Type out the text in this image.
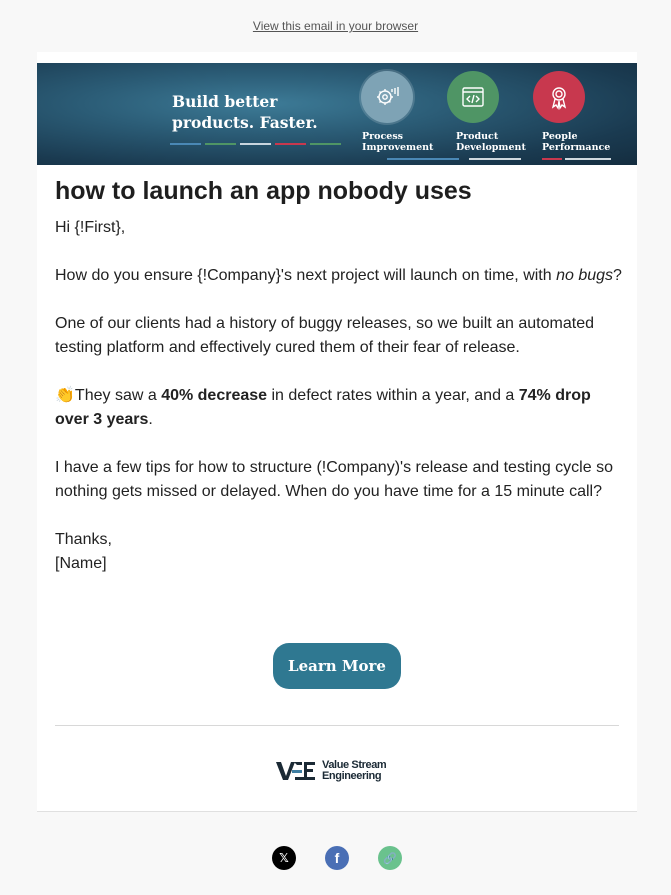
View this email in your browser
Build better
products. Faster.
Process
Improvement
Product
Development
People
Performance
how to launch an app nobody uses

Hi {!First},

How do you ensure {!Company}'s next project will launch on time, with no bugs?

One of our clients had a history of buggy releases, so we built an automated testing platform and effectively cured them of their fear of release.

👏They saw a 40% decrease in defect rates within a year, and a 74% drop over 3 years.

I have a few tips for how to structure (!Company)'s release and testing cycle so nothing gets missed or delayed. When do you have time for a 15 minute call?

Thanks,

[Name]

Learn More
Value Stream
Engineering
𝕏	f	🔗
